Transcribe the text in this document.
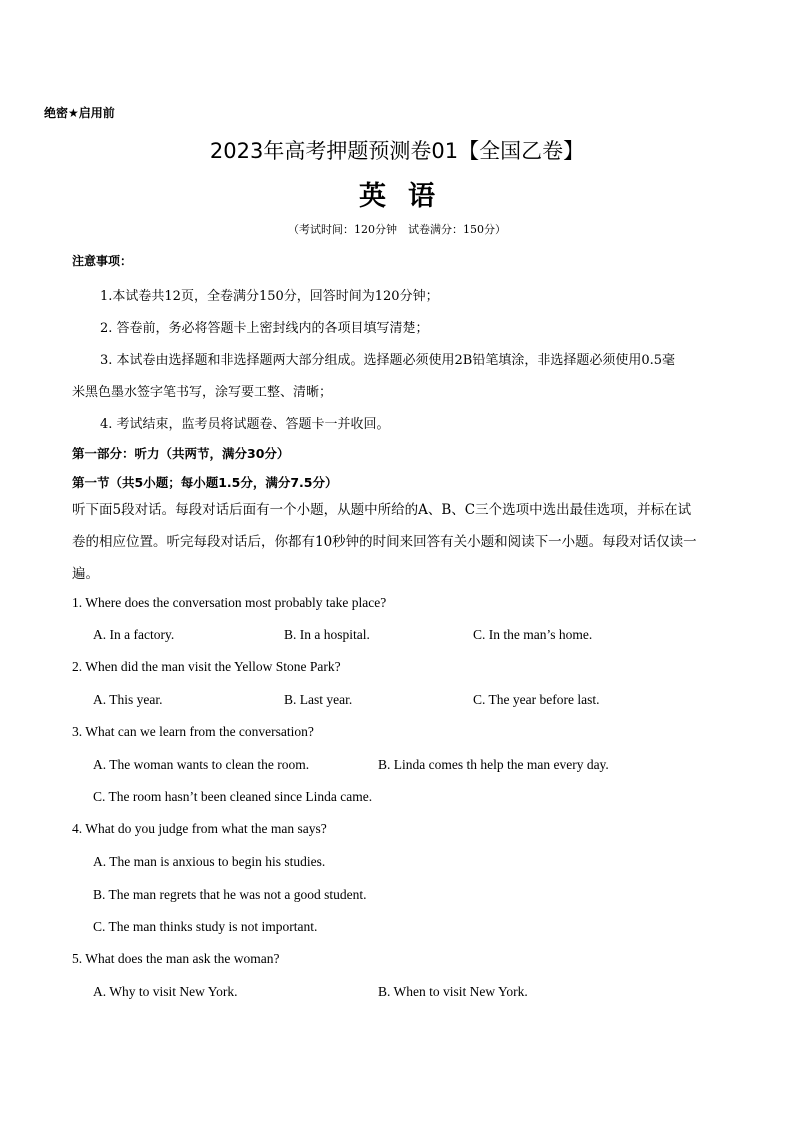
绝密★启用前
2023年高考押题预测卷01【全国乙卷】
英语
（考试时间：120分钟　试卷满分：150分）
注意事项：
1.本试卷共12页，全卷满分150分，回答时间为120分钟；
2. 答卷前，务必将答题卡上密封线内的各项目填写清楚；
3. 本试卷由选择题和非选择题两大部分组成。选择题必须使用2B铅笔填涂，非选择题必须使用0.5毫
米黑色墨水签字笔书写，涂写要工整、清晰；
4. 考试结束，监考员将试题卷、答题卡一并收回。
第一部分：听力（共两节，满分30分）
第一节（共5小题；每小题1.5分，满分7.5分）
听下面5段对话。每段对话后面有一个小题，从题中所给的A、B、C三个选项中选出最佳选项，并标在试
卷的相应位置。听完每段对话后，你都有10秒钟的时间来回答有关小题和阅读下一小题。每段对话仅读一
遍。
1. Where does the conversation most probably take place?
A. In a factory.	B. In a hospital.	C. In the man’s home.
2. When did the man visit the Yellow Stone Park?
A. This year.	B. Last year.	C. The year before last.
3. What can we learn from the conversation?
A. The woman wants to clean the room.	B. Linda comes th help the man every day.
C. The room hasn’t been cleaned since Linda came.
4. What do you judge from what the man says?
A. The man is anxious to begin his studies.
B. The man regrets that he was not a good student.
C. The man thinks study is not important.
5. What does the man ask the woman?
A. Why to visit New York.	B. When to visit New York.
